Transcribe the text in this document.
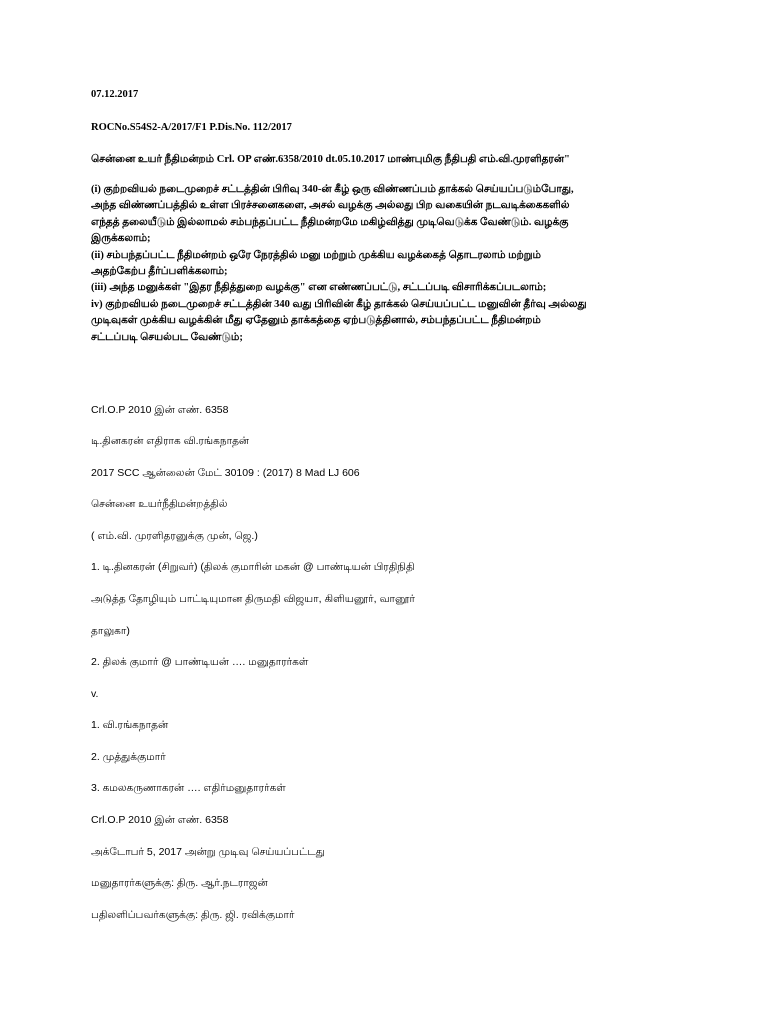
07.12.2017
ROCNo.S54S2-A/2017/F1 P.Dis.No. 112/2017
சென்னை உயர் நீதிமன்றம் Crl. OP எண்.6358/2010 dt.05.10.2017 மாண்புமிகு நீதிபதி எம்.வி.முரளிதரன்"
(i) குற்றவியல் நடைமுறைச் சட்டத்தின் பிரிவு 340-ன் கீழ் ஒரு விண்ணப்பம் தாக்கல் செய்யப்படும்போது,
அந்த விண்ணப்பத்தில் உள்ள பிரச்சனைகளை, அசல் வழக்கு அல்லது பிற வகையின் நடவடிக்கைகளில்
எந்தத் தலையீடும் இல்லாமல் சம்பந்தப்பட்ட நீதிமன்றமே மகிழ்வித்து முடிவெடுக்க வேண்டும். வழக்கு
இருக்கலாம்;
(ii) சம்பந்தப்பட்ட நீதிமன்றம் ஒரே நேரத்தில் மனு மற்றும் முக்கிய வழக்கைத் தொடரலாம் மற்றும்
அதற்கேற்ப தீர்ப்பளிக்கலாம்;
(iii) அந்த மனுக்கள் "இதர நீதித்துறை வழக்கு" என எண்ணப்பட்டு, சட்டப்படி விசாரிக்கப்படலாம்;
iv) குற்றவியல் நடைமுறைச் சட்டத்தின் 340 வது பிரிவின் கீழ் தாக்கல் செய்யப்பட்ட மனுவின் தீர்வு அல்லது
முடிவுகள் முக்கிய வழக்கின் மீது ஏதேனும் தாக்கத்தை ஏற்படுத்தினால், சம்பந்தப்பட்ட நீதிமன்றம்
சட்டப்படி செயல்பட வேண்டும்;
Crl.O.P 2010 இன் எண். 6358
டி.தினகரன் எதிராக வி.ரங்கநாதன்
2017 SCC ஆன்லைன் மேட் 30109 : (2017) 8 Mad LJ 606
சென்னை உயர்நீதிமன்றத்தில்
( எம்.வி. முரளிதரனுக்கு முன், ஜெ.)
1. டி.தினகரன் (சிறுவர்) (திலக் குமாரின் மகன் @ பாண்டியன் பிரதிநிதி
அடுத்த தோழியும் பாட்டியுமான திருமதி விஜயா, கிளியனூர், வானூர்
தாலுகா)
2. திலக் குமார் @ பாண்டியன் …. மனுதாரர்கள்
v.
1. வி.ரங்கநாதன்
2. முத்துக்குமார்
3. கமலகருணாகரன் …. எதிர்மனுதாரர்கள்
Crl.O.P 2010 இன் எண். 6358
அக்டோபர் 5, 2017 அன்று முடிவு செய்யப்பட்டது
மனுதாரர்களுக்கு: திரு. ஆர்.நடராஜன்
பதிலளிப்பவர்களுக்கு: திரு. ஜி. ரவிக்குமார்
